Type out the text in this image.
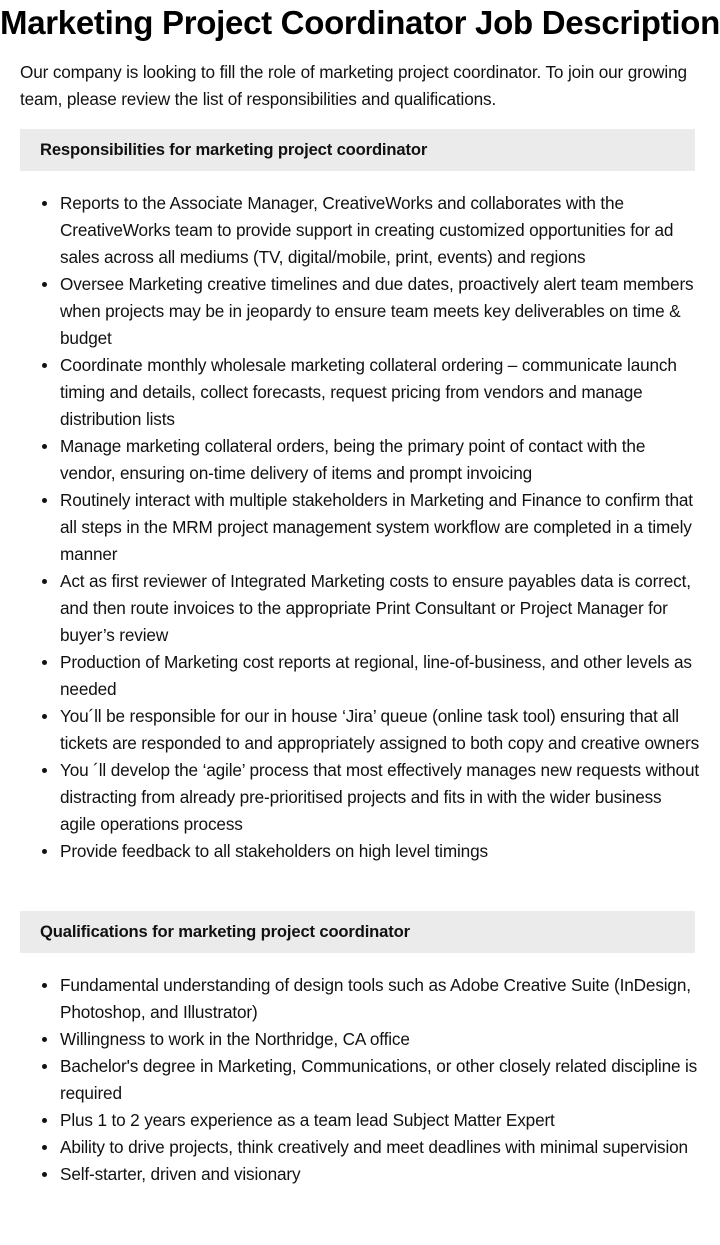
Marketing Project Coordinator Job Description

Our company is looking to fill the role of marketing project coordinator. To join our growing team, please review the list of responsibilities and qualifications.

Responsibilities for marketing project coordinator
Reports to the Associate Manager, CreativeWorks and collaborates with the CreativeWorks team to provide support in creating customized opportunities for ad sales across all mediums (TV, digital/mobile, print, events) and regions
Oversee Marketing creative timelines and due dates, proactively alert team members when projects may be in jeopardy to ensure team meets key deliverables on time & budget
Coordinate monthly wholesale marketing collateral ordering – communicate launch timing and details, collect forecasts, request pricing from vendors and manage distribution lists
Manage marketing collateral orders, being the primary point of contact with the vendor, ensuring on-time delivery of items and prompt invoicing
Routinely interact with multiple stakeholders in Marketing and Finance to confirm that all steps in the MRM project management system workflow are completed in a timely manner
Act as first reviewer of Integrated Marketing costs to ensure payables data is correct, and then route invoices to the appropriate Print Consultant or Project Manager for buyer’s review
Production of Marketing cost reports at regional, line-of-business, and other levels as needed
You´ll be responsible for our in house ‘Jira’ queue (online task tool) ensuring that all tickets are responded to and appropriately assigned to both copy and creative owners
You ´ll develop the ‘agile’ process that most effectively manages new requests without distracting from already pre-prioritised projects and fits in with the wider business agile operations process
Provide feedback to all stakeholders on high level timings
Qualifications for marketing project coordinator
Fundamental understanding of design tools such as Adobe Creative Suite (InDesign, Photoshop, and Illustrator)
Willingness to work in the Northridge, CA office
Bachelor's degree in Marketing, Communications, or other closely related discipline is required
Plus 1 to 2 years experience as a team lead Subject Matter Expert
Ability to drive projects, think creatively and meet deadlines with minimal supervision
Self-starter, driven and visionary
